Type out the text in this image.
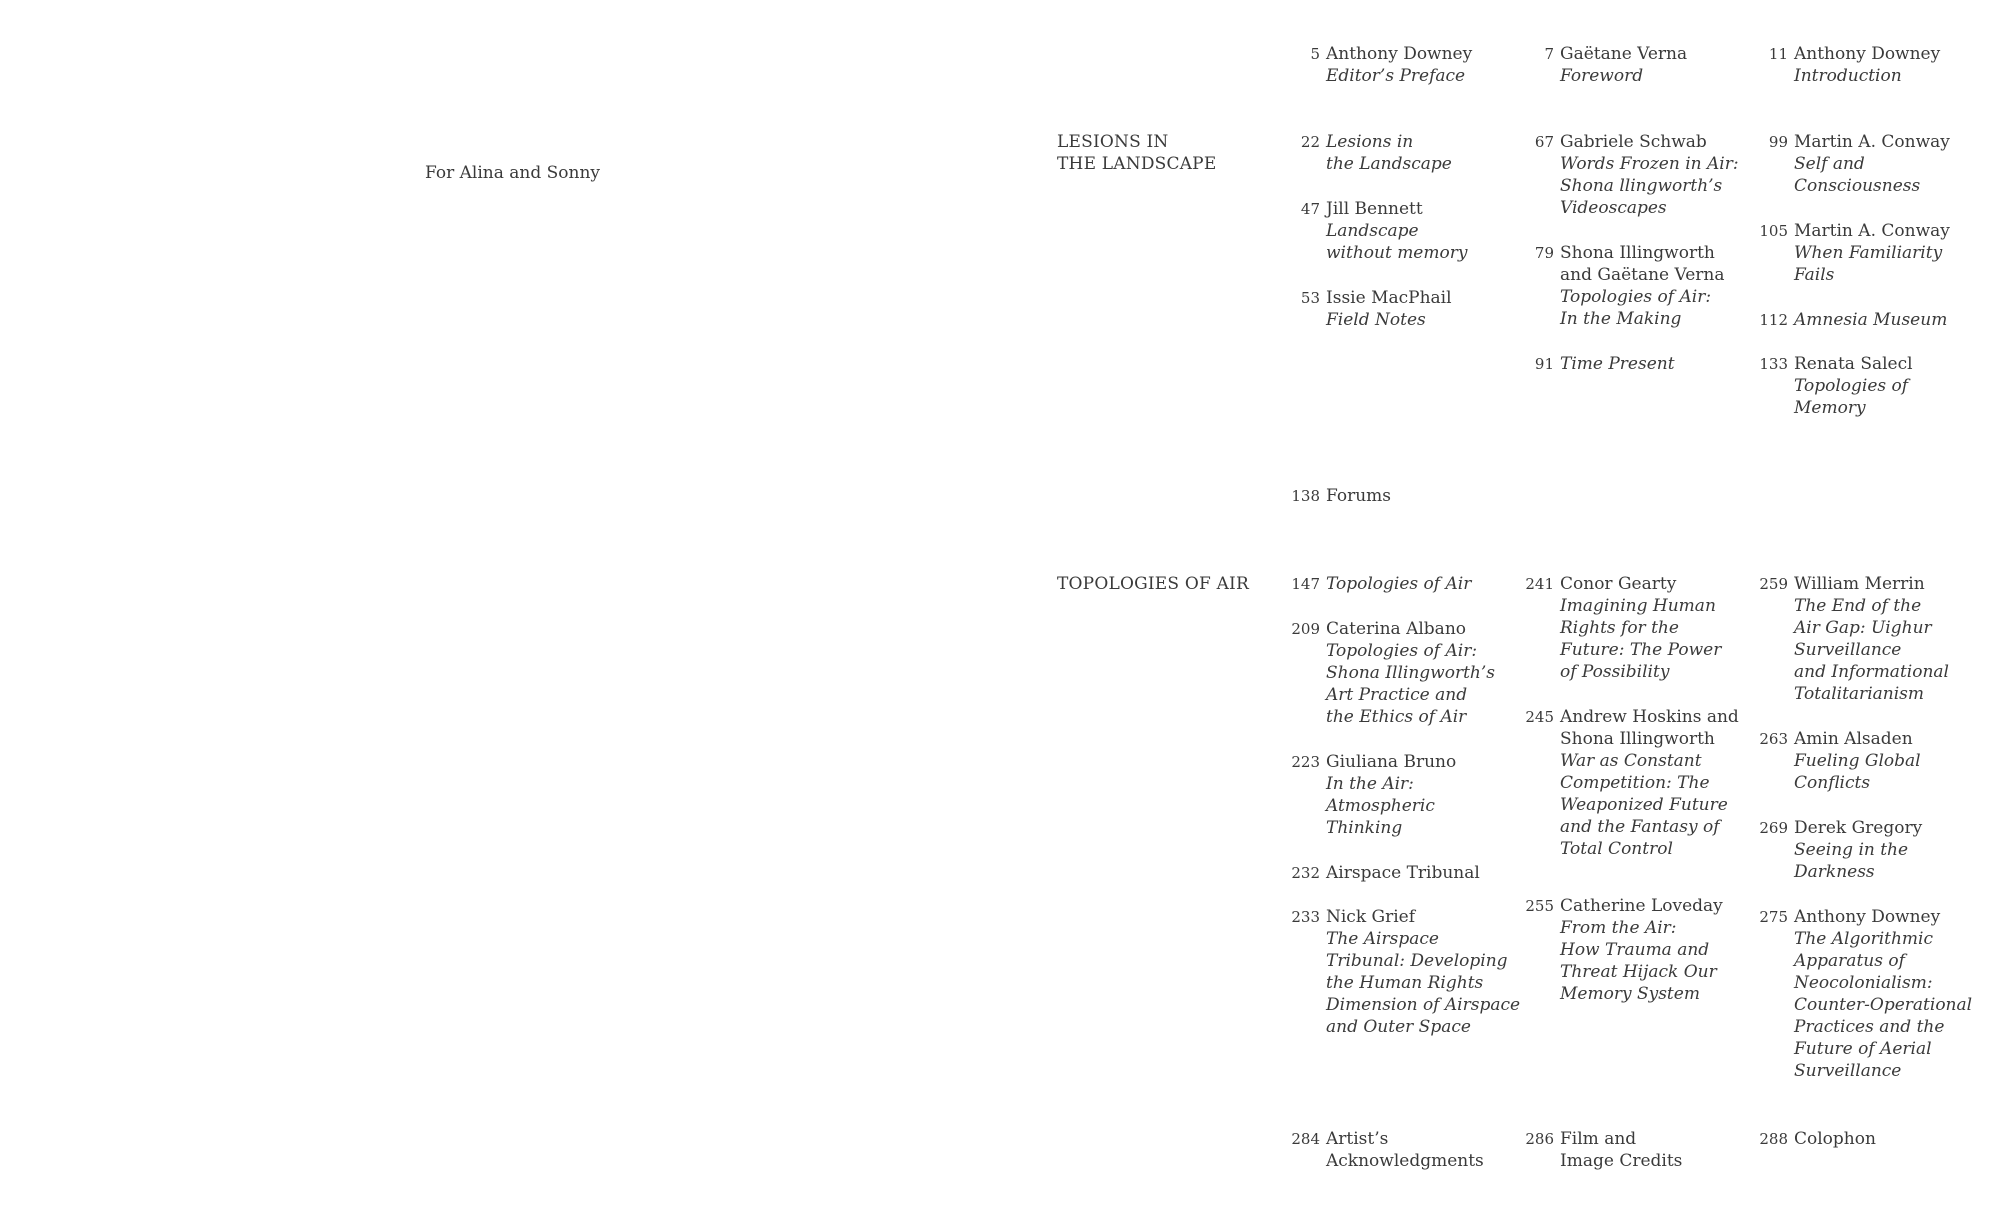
For Alina and Sonny
LESIONS IN
THE LANDSCAPE
TOPOLOGIES OF AIR
5 Anthony Downey
Editor’s Preface
7 Gaëtane Verna
Foreword
11 Anthony Downey
Introduction
22 Lesions in
the Landscape
47 Jill Bennett
Landscape
without memory
53 Issie MacPhail
Field Notes
67 Gabriele Schwab
Words Frozen in Air:
Shona llingworth’s
Videoscapes
79 Shona Illingworth
and Gaëtane Verna
Topologies of Air:
In the Making
91 Time Present
99 Martin A. Conway
Self and
Consciousness
105 Martin A. Conway
When Familiarity
Fails
112 Amnesia Museum
133 Renata Salecl
Topologies of
Memory
138 Forums
147 Topologies of Air
209 Caterina Albano
Topologies of Air:
Shona Illingworth’s
Art Practice and
the Ethics of Air
223 Giuliana Bruno
In the Air:
Atmospheric
Thinking
232 Airspace Tribunal
233 Nick Grief
The Airspace
Tribunal: Developing
the Human Rights
Dimension of Airspace
and Outer Space
241 Conor Gearty
Imagining Human
Rights for the
Future: The Power
of Possibility
245 Andrew Hoskins and
Shona Illingworth
War as Constant
Competition: The
Weaponized Future
and the Fantasy of
Total Control
255 Catherine Loveday
From the Air:
How Trauma and
Threat Hijack Our
Memory System
259 William Merrin
The End of the
Air Gap: Uighur
Surveillance
and Informational
Totalitarianism
263 Amin Alsaden
Fueling Global
Conflicts
269 Derek Gregory
Seeing in the
Darkness
275 Anthony Downey
The Algorithmic
Apparatus of
Neocolonialism:
Counter-Operational
Practices and the
Future of Aerial
Surveillance
284 Artist’s
Acknowledgments
286 Film and
Image Credits
288 Colophon
